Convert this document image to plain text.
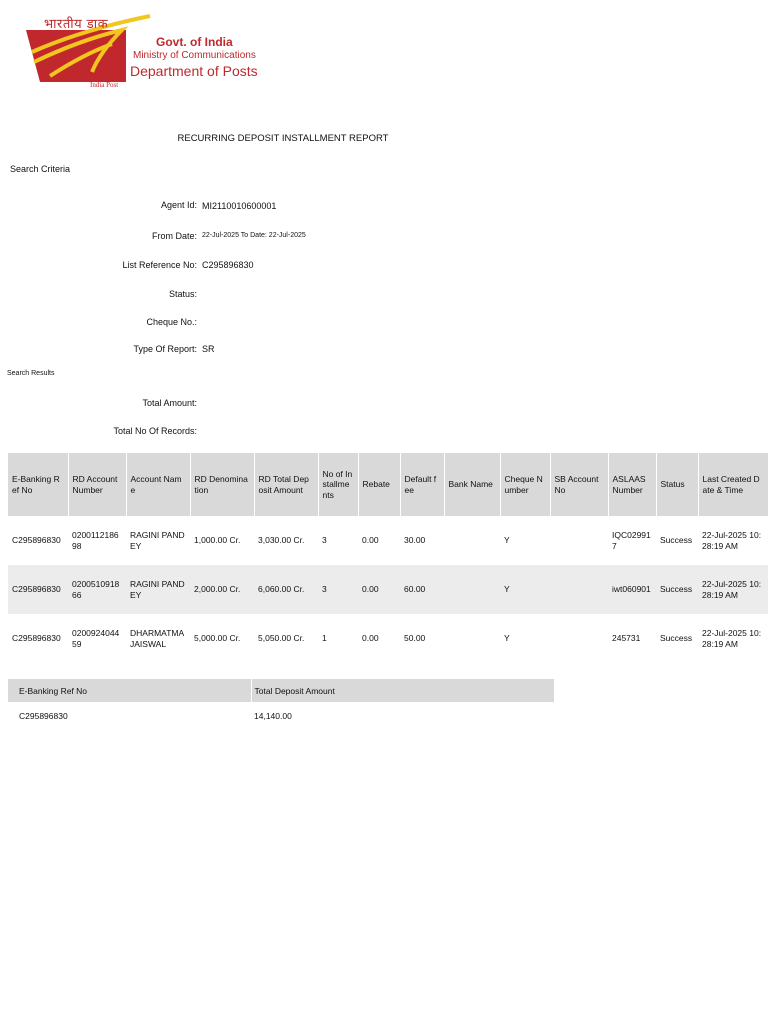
भारतीय डाक
Govt. of India
Ministry of Communications
Department of Posts
India Post
RECURRING DEPOSIT INSTALLMENT REPORT
Search Criteria
Agent Id: MI2110010600001
From Date: 22-Jul-2025 To Date: 22-Jul-2025
List Reference No: C295896830
Status:
Cheque No.:
Type Of Report: SR
Search Results
Total Amount:
Total No Of Records:
E-Banking Ref No	RD Account Number	Account Name	RD Denomination	RD Total Deposit Amount	No of Installments	Rebate	Default fee	Bank Name	Cheque Number	SB Account No	ASLAAS Number	Status	Last Created Date & Time
C295896830	020011218698	RAGINI PANDEY	1,000.00 Cr.	3,030.00 Cr.	3	0.00	30.00		Y		IQC029917	Success	22-Jul-2025 10:28:19 AM
C295896830	020051091866	RAGINI PANDEY	2,000.00 Cr.	6,060.00 Cr.	3	0.00	60.00		Y		iwt060901	Success	22-Jul-2025 10:28:19 AM
C295896830	020092404459	DHARMATMA JAISWAL	5,000.00 Cr.	5,050.00 Cr.	1	0.00	50.00		Y		245731	Success	22-Jul-2025 10:28:19 AM
E-Banking Ref No	Total Deposit Amount
C295896830	14,140.00
